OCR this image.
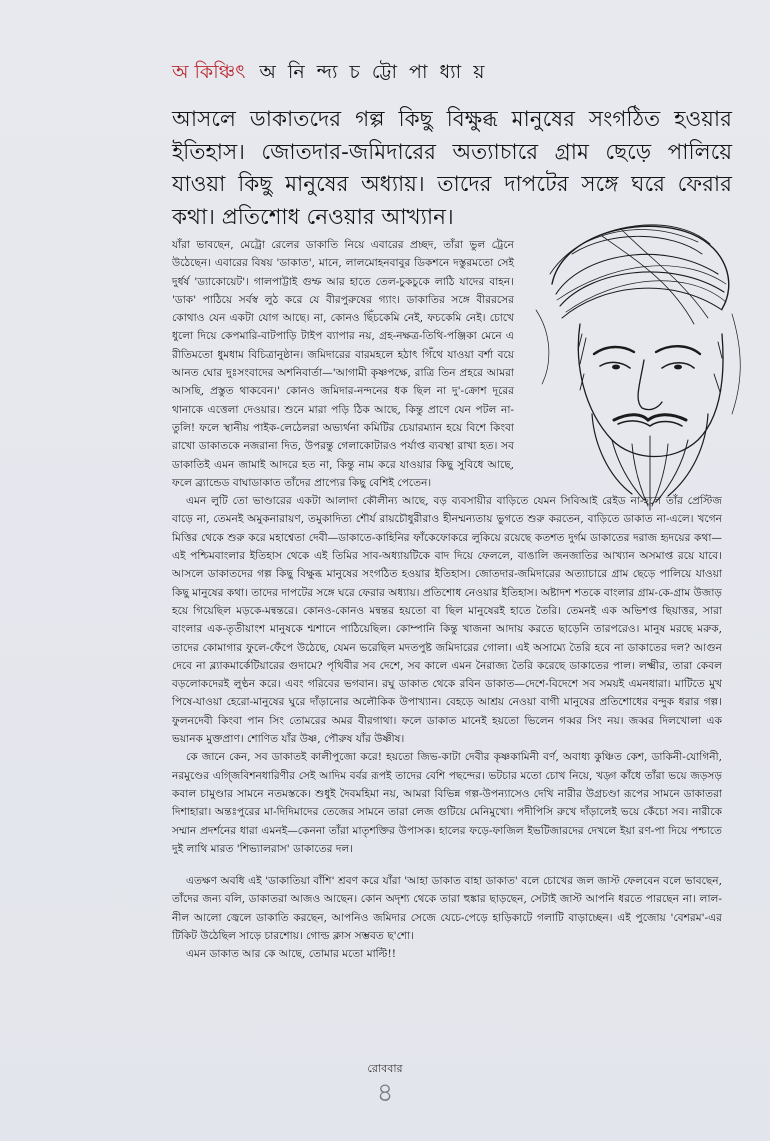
অ কিঞ্চিৎ অ নি ন্দ্য চ ট্টো পা ধ্যা য়
আসলে ডাকাতদের গল্প কিছু বিক্ষুব্ধ মানুষের সংগঠিত হওয়ার ইতিহাস। জোতদার-জমিদারের অত্যাচারে গ্রাম ছেড়ে পালিয়ে যাওয়া কিছু মানুষের অধ্যায়। তাদের দাপটের সঙ্গে ঘরে ফেরার কথা। প্রতিশোধ নেওয়ার আখ্যান।

যাঁরা ভাবছেন, মেট্রো রেলের ডাকাতি নিয়ে এবারের প্রচ্ছদ, তাঁরা ভুল ট্রেনে উঠেছেন। এবারের বিষয় 'ডাকাত', মানে, লালমোহনবাবুর ডিকশনে দস্তুরমতো সেই দুর্ধর্ষ 'ড্যাকোয়েট'। গালপাট্টাই গুম্ফ আর হাতে তেল-চুকচুকে লাঠি যাদের বাহন। 'ডাক' পাঠিয়ে সর্বস্ব লুঠ করে যে বীরপুরুষের গ্যাং। ডাকাতির সঙ্গে বীররসের কোথাও যেন একটা যোগ আছে। না, কোনও ছিঁচকেমি নেই, ফচকেমি নেই। চোখে ধুলো দিয়ে কেপমারি-বাটপাড়ি টাইপ ব্যাপার নয়, গ্রহ-নক্ষত্র-তিথি-পঞ্জিকা মেনে এ রীতিমতো ধুমধাম বিচিত্রানুষ্ঠান। জমিদারের বারমহলে হঠাৎ গিঁথে যাওয়া বর্শা বয়ে আনত ঘোর দুঃসংবাদের অশনিবার্তা—'আগামী কৃষ্ণপক্ষে, রাত্রি তিন প্রহরে আমরা আসছি, প্রস্তুত থাকবেন।' কোনও জমিদার-নন্দনের ধক ছিল না দু'-ক্রোশ দূরের থানাকে এত্তেলা দেওয়ার। শুনে মারা পড়ি ঠিক আছে, কিন্তু প্রাণে যেন পটল না-তুলি! ফলে স্থানীয় পাইক-লেঠেলরা অভ্যর্থনা কমিটির চেয়ারম্যান হয়ে বিশে কিংবা রাখো ডাকাতকে নজরানা দিত, উপরন্তু গেলাকোটারও পর্যাপ্ত ব্যবস্থা রাখা হত। সব ডাকাতিই এমন জামাই আদরে হত না, কিন্তু নাম করে যাওয়ার কিছু সুবিধে আছে, ফলে ব্র্যান্ডেড বাঘাডাকাত তাঁদের প্রাপ্যের কিছু বেশিই পেতেন।

এমন লুটি তো ভাণ্ডারের একটা আলাদা কৌলীন্য আছে, বড় ব্যবসায়ীর বাড়িতে যেমন সিবিআই রেইড না-হলে তাঁর প্রেস্টিজ বাড়ে না, তেমনই অমুকনারায়ণ, তমুকাদিত্য শৌর্য রায়চৌধুরীরাও হীনম্মন্যতায় ভুগতে শুরু করতেন, বাড়িতে ডাকাত না-এলে। খগেন মিত্তির থেকে শুরু করে মহাশ্বেতা দেবী—ডাকাতে-কাহিনির ফাঁকেফোকরে লুকিয়ে রয়েছে কতশত দুর্গম ডাকাতের দরাজ হৃদয়ের কথা—এই পশ্চিমবাংলার ইতিহাস থেকে এই তিমির সাব-অধ্যায়টিকে বাদ দিয়ে ফেললে, বাঙালি জনজাতির আখ্যান অসমাপ্ত রয়ে যাবে। আসলে ডাকাতদের গল্প কিছু বিক্ষুব্ধ মানুষের সংগঠিত হওয়ার ইতিহাস। জোতদার-জমিদারের অত্যাচারে গ্রাম ছেড়ে পালিয়ে যাওয়া কিছু মানুষের কথা। তাদের দাপটের সঙ্গে ঘরে ফেরার অধ্যায়। প্রতিশোধ নেওয়ার ইতিহাস। অষ্টাদশ শতকে বাংলার গ্রাম-কে-গ্রাম উজাড় হয়ে গিয়েছিল মড়কে-মন্বন্তরে। কোনও-কোনও মন্বন্তর হয়তো বা ছিল মানুষেরই হাতে তৈরি। তেমনই এক অভিশপ্ত ছিয়াত্তর, সারা বাংলার এক-তৃতীয়াংশ মানুষকে শ্মশানে পাঠিয়েছিল। কোম্পানি কিন্তু খাজনা আদায় করতে ছাড়েনি তারপরেও। মানুষ মরছে মরুক, তাদের কোমাগার ফুলে-ফেঁপে উঠেছে, যেমন ভরেছিল মদতপুষ্ট জমিদারের গোলা। এই অসাম্যে তৈরি হবে না ডাকাতের দল? আগুন দেবে না ব্ল্যাকমার্কেটিয়ারের গুদামে? পৃথিবীর সব দেশে, সব কালে এমন নৈরাজ্য তৈরি করেছে ডাকাতের পাল। লক্ষ্মীর, তারা কেবল বড়লোকদেরই লুণ্ঠন করে। এবং গরিবের ভগবান। রঘু ডাকাত থেকে রবিন ডাকাত—দেশে-বিদেশে সব সময়ই এমনধারা। মাটিতে মুখ পিষে-যাওয়া হেরো-মানুষের ঘুরে দাঁড়ানোর অলৌকিক উপাখ্যান। বেহড়ে আশ্রয় নেওয়া বাগী মানুষের প্রতিশোধের বন্দুক ধরার গল্প। ফুলনদেবী কিংবা পান সিং তোমরের অমর বীরগাথা। ফলে ডাকাত মানেই হয়তো ভিলেন গব্বর সিং নয়। জব্বর দিলখোলা এক ভয়ানক মুক্তপ্রাণ। শোণিত যাঁর উষ্ণ, পৌরুষ যাঁর উষ্ণীষ।

কে জানে কেন, সব ডাকাতই কালীপুজো করে! হয়তো জিভ-কাটা দেবীর কৃষ্ণকামিনী বর্ণ, অবাধ্য কুঞ্চিত কেশ, ডাকিনী-যোগিনী, নরমুণ্ডের এগ্জিবিশনধারিণীর সেই আদিম বর্বর রূপই তাদের বেশি পছন্দের। ভটচার মতো চোখ নিয়ে, খড়্গ কাঁধে তাঁরা ভয়ে জড়সড় কবাল চামুণ্ডার সামনে নতমস্তকে। শুধুই দৈবমহিমা নয়, আমরা বিভিন্ন গল্প-উপন্যাসেও দেখি নারীর উগ্রচণ্ডা রূপের সামনে ডাকাতরা দিশাহারা। অন্তঃপুরের মা-দিদিমাদের তেজের সামনে তারা লেজ গুটিয়ে মেনিমুখো। পদীপিসি রুখে দাঁড়ালেই ভয়ে কেঁচো সব। নারীকে সম্মান প্রদর্শনের ধারা এমনই—কেননা তাঁরা মাতৃশক্তির উপাসক। হালের ফড়ে-ফাজিল ইভটিজারদের দেখলে ইয়া রণ-পা দিয়ে পশ্চাতে দুই লাথি মারত 'শিভ্যালরাস' ডাকাতের দল।

এতক্ষণ অবধি এই 'ডাকাতিয়া বাঁশি' শ্রবণ করে যাঁরা 'আহা ডাকাত বাহা ডাকাত' বলে চোখের জল জাস্ট ফেলবেন বলে ভাবছেন, তাঁদের জন্য বলি, ডাকাতরা আজও আছেন। কোন অদৃশ্য থেকে তারা হুঙ্কার ছাড়ছেন, সেটাই জাস্ট আপনি ধরতে পারছেন না। লাল-নীল আলো জ্বেলে ডাকাতি করছেন, আপনিও জমিদার সেজে যেচে-পেড়ে হাড়িকাটে গলাটি বাড়াচ্ছেন। এই পুজোয় 'বেশরম'-এর টিকিট উঠেছিল সাড়ে চারশোয়। গোল্ড ক্লাস সম্ভবত ছ'শো।

এমন ডাকাত আর কে আছে, তোমার মতো মাল্টি!!

রোববার
৪
